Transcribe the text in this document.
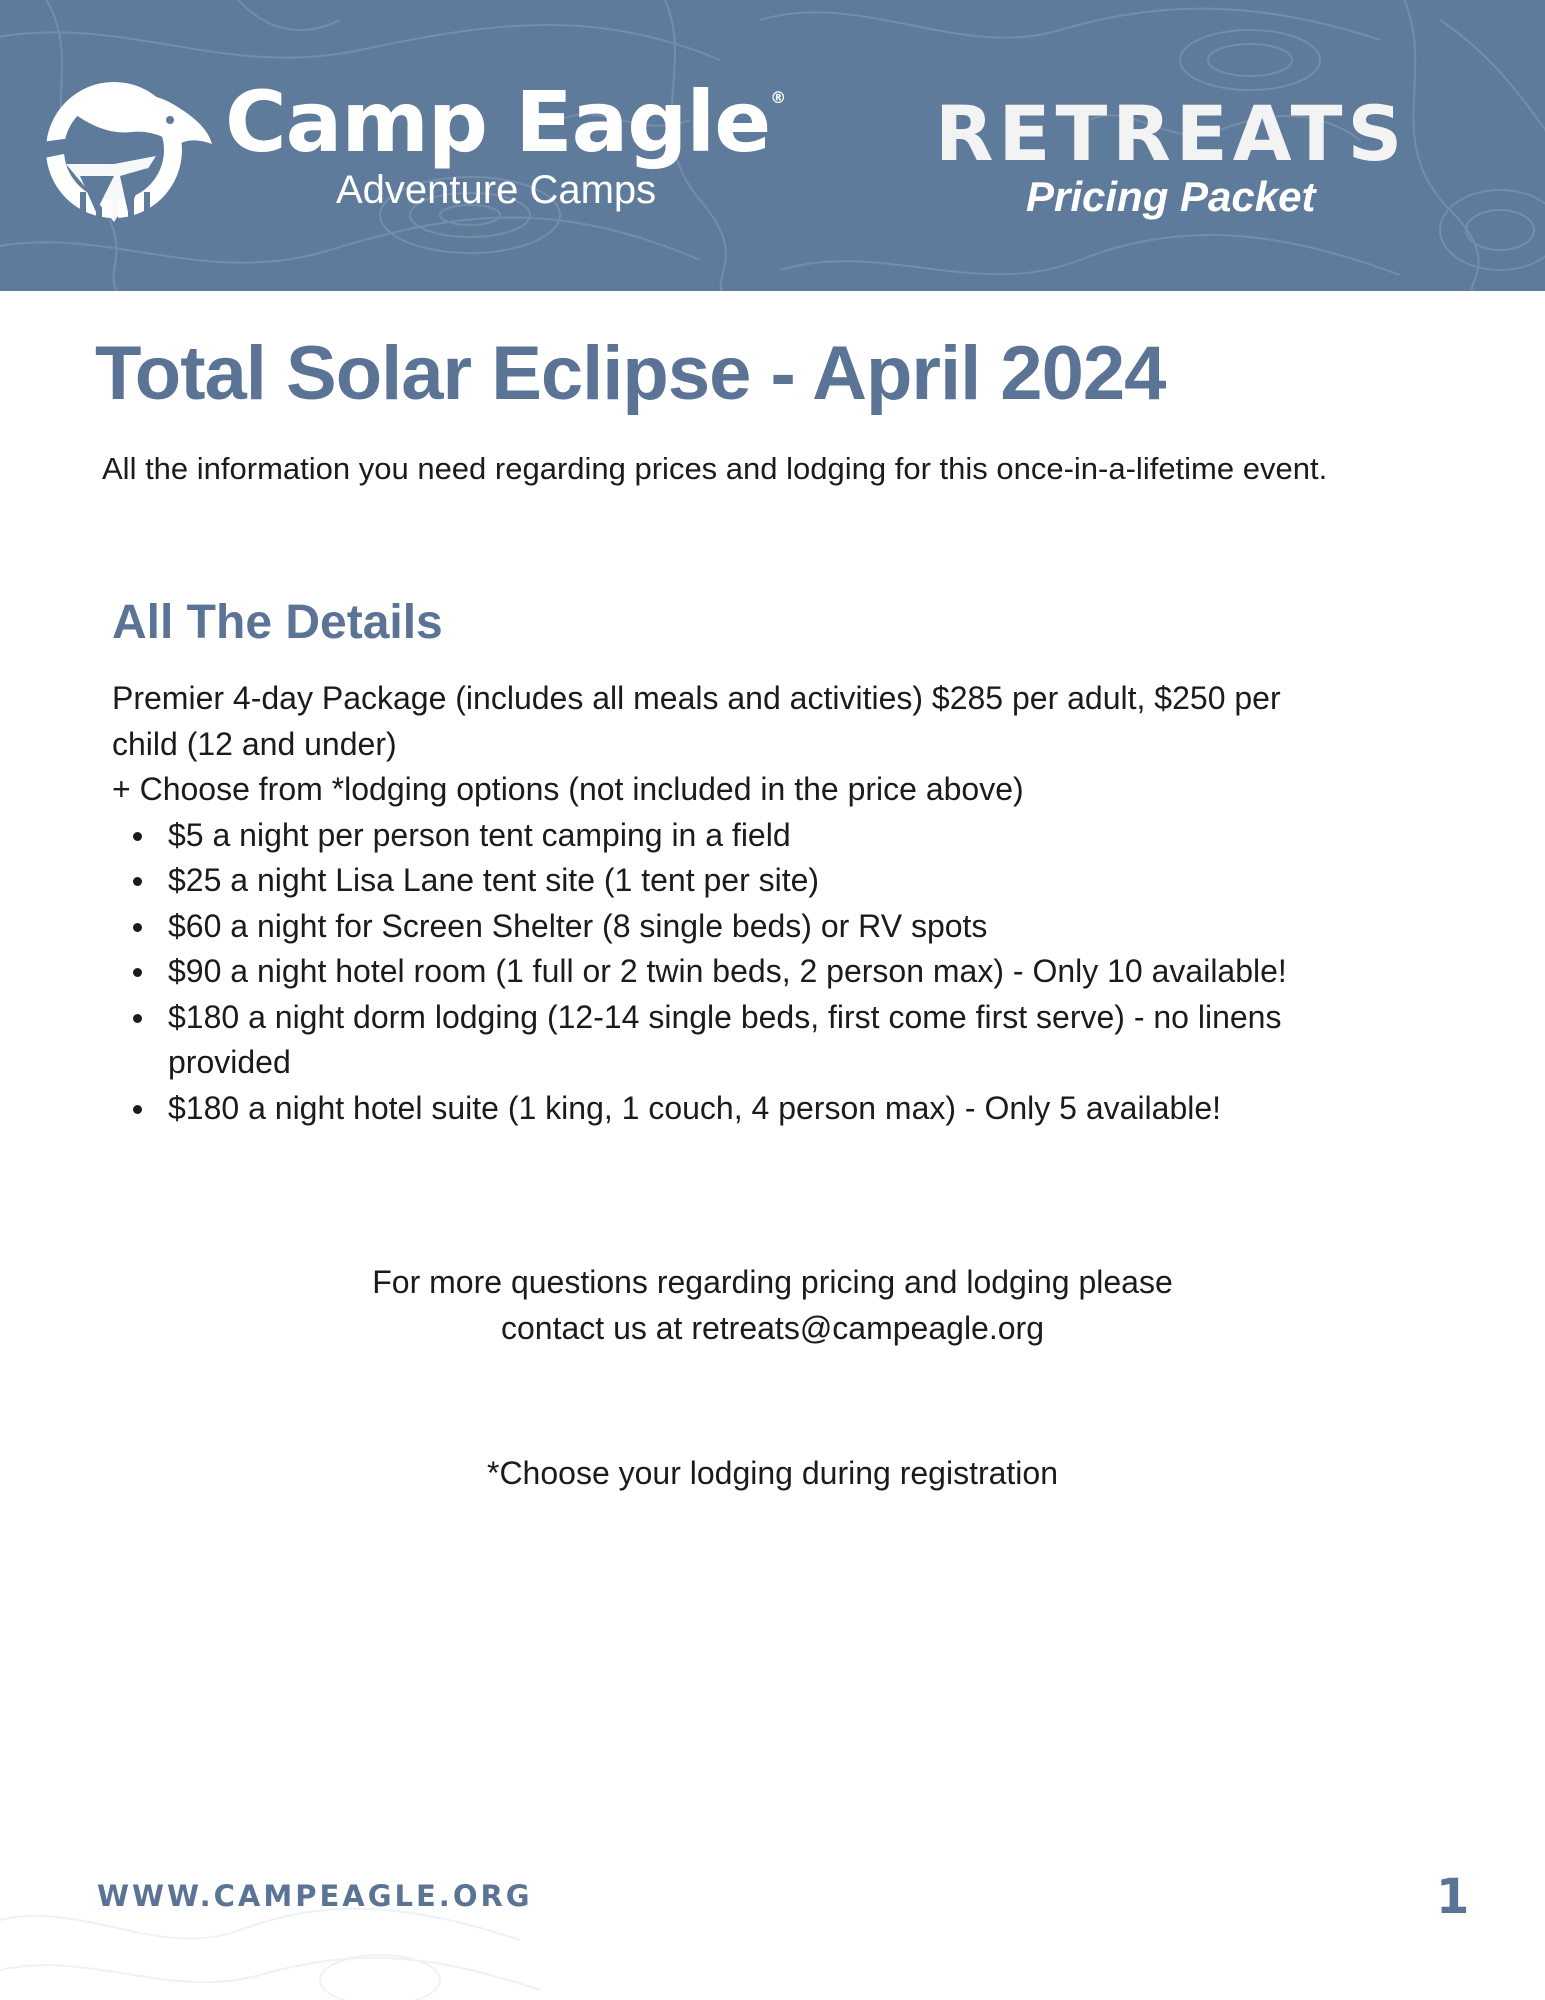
Camp Eagle®
Adventure Camps
RETREATS
Pricing Packet
Total Solar Eclipse - April 2024

All the information you need regarding prices and lodging for this once-in-a-lifetime event.

All The Details

Premier 4-day Package (includes all meals and activities) $285 per adult, $250 per child (12 and under)

+ Choose from *lodging options (not included in the price above)

$5 a night per person tent camping in a field
$25 a night Lisa Lane tent site (1 tent per site)
$60 a night for Screen Shelter (8 single beds) or RV spots
$90 a night hotel room (1 full or 2 twin beds, 2 person max) - Only 10 available!
$180 a night dorm lodging (12-14 single beds, first come first serve) - no linens provided
$180 a night hotel suite (1 king, 1 couch, 4 person max) - Only 5 available!

For more questions regarding pricing and lodging please
contact us at retreats@campeagle.org

*Choose your lodging during registration

WWW.CAMPEAGLE.ORG	1
